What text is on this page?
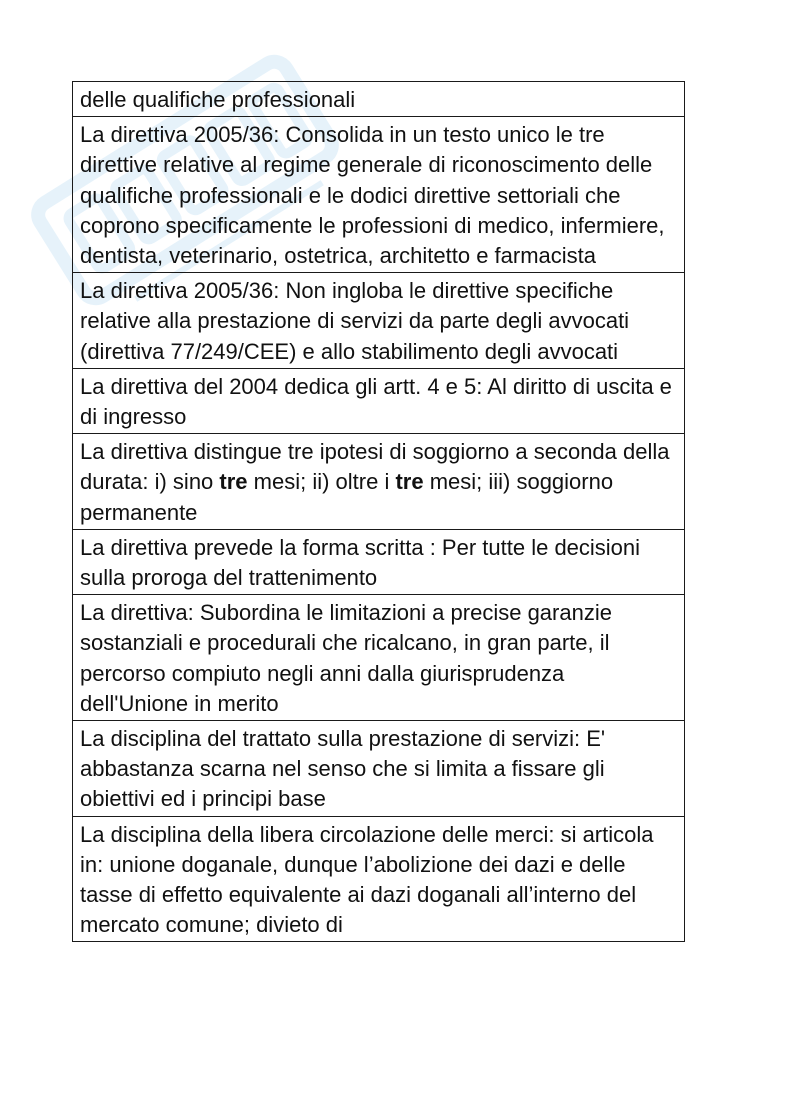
delle qualifiche professionali
La direttiva 2005/36: Consolida in un testo unico le tre direttive relative al regime generale di riconoscimento delle qualifiche professionali e le dodici direttive settoriali che coprono specificamente le professioni di medico, infermiere, dentista, veterinario, ostetrica, architetto e farmacista
La direttiva 2005/36: Non ingloba le direttive specifiche relative alla prestazione di servizi da parte degli avvocati (direttiva 77/249/CEE) e allo stabilimento degli avvocati
La direttiva del 2004 dedica gli artt. 4 e 5: Al diritto di uscita e di ingresso
La direttiva distingue tre ipotesi di soggiorno a seconda della durata: i) sino tre mesi; ii) oltre i tre mesi; iii) soggiorno permanente
La direttiva prevede la forma scritta : Per tutte le decisioni sulla proroga del trattenimento
La direttiva: Subordina le limitazioni a precise garanzie sostanziali e procedurali che ricalcano, in gran parte, il percorso compiuto negli anni dalla giurisprudenza dell'Unione in merito
La disciplina del trattato sulla prestazione di servizi: E' abbastanza scarna nel senso che si limita a fissare gli obiettivi ed i principi base
La disciplina della libera circolazione delle merci: si articola in: unione doganale, dunque l’abolizione dei dazi e delle tasse di effetto equivalente ai dazi doganali all’interno del mercato comune; divieto di
